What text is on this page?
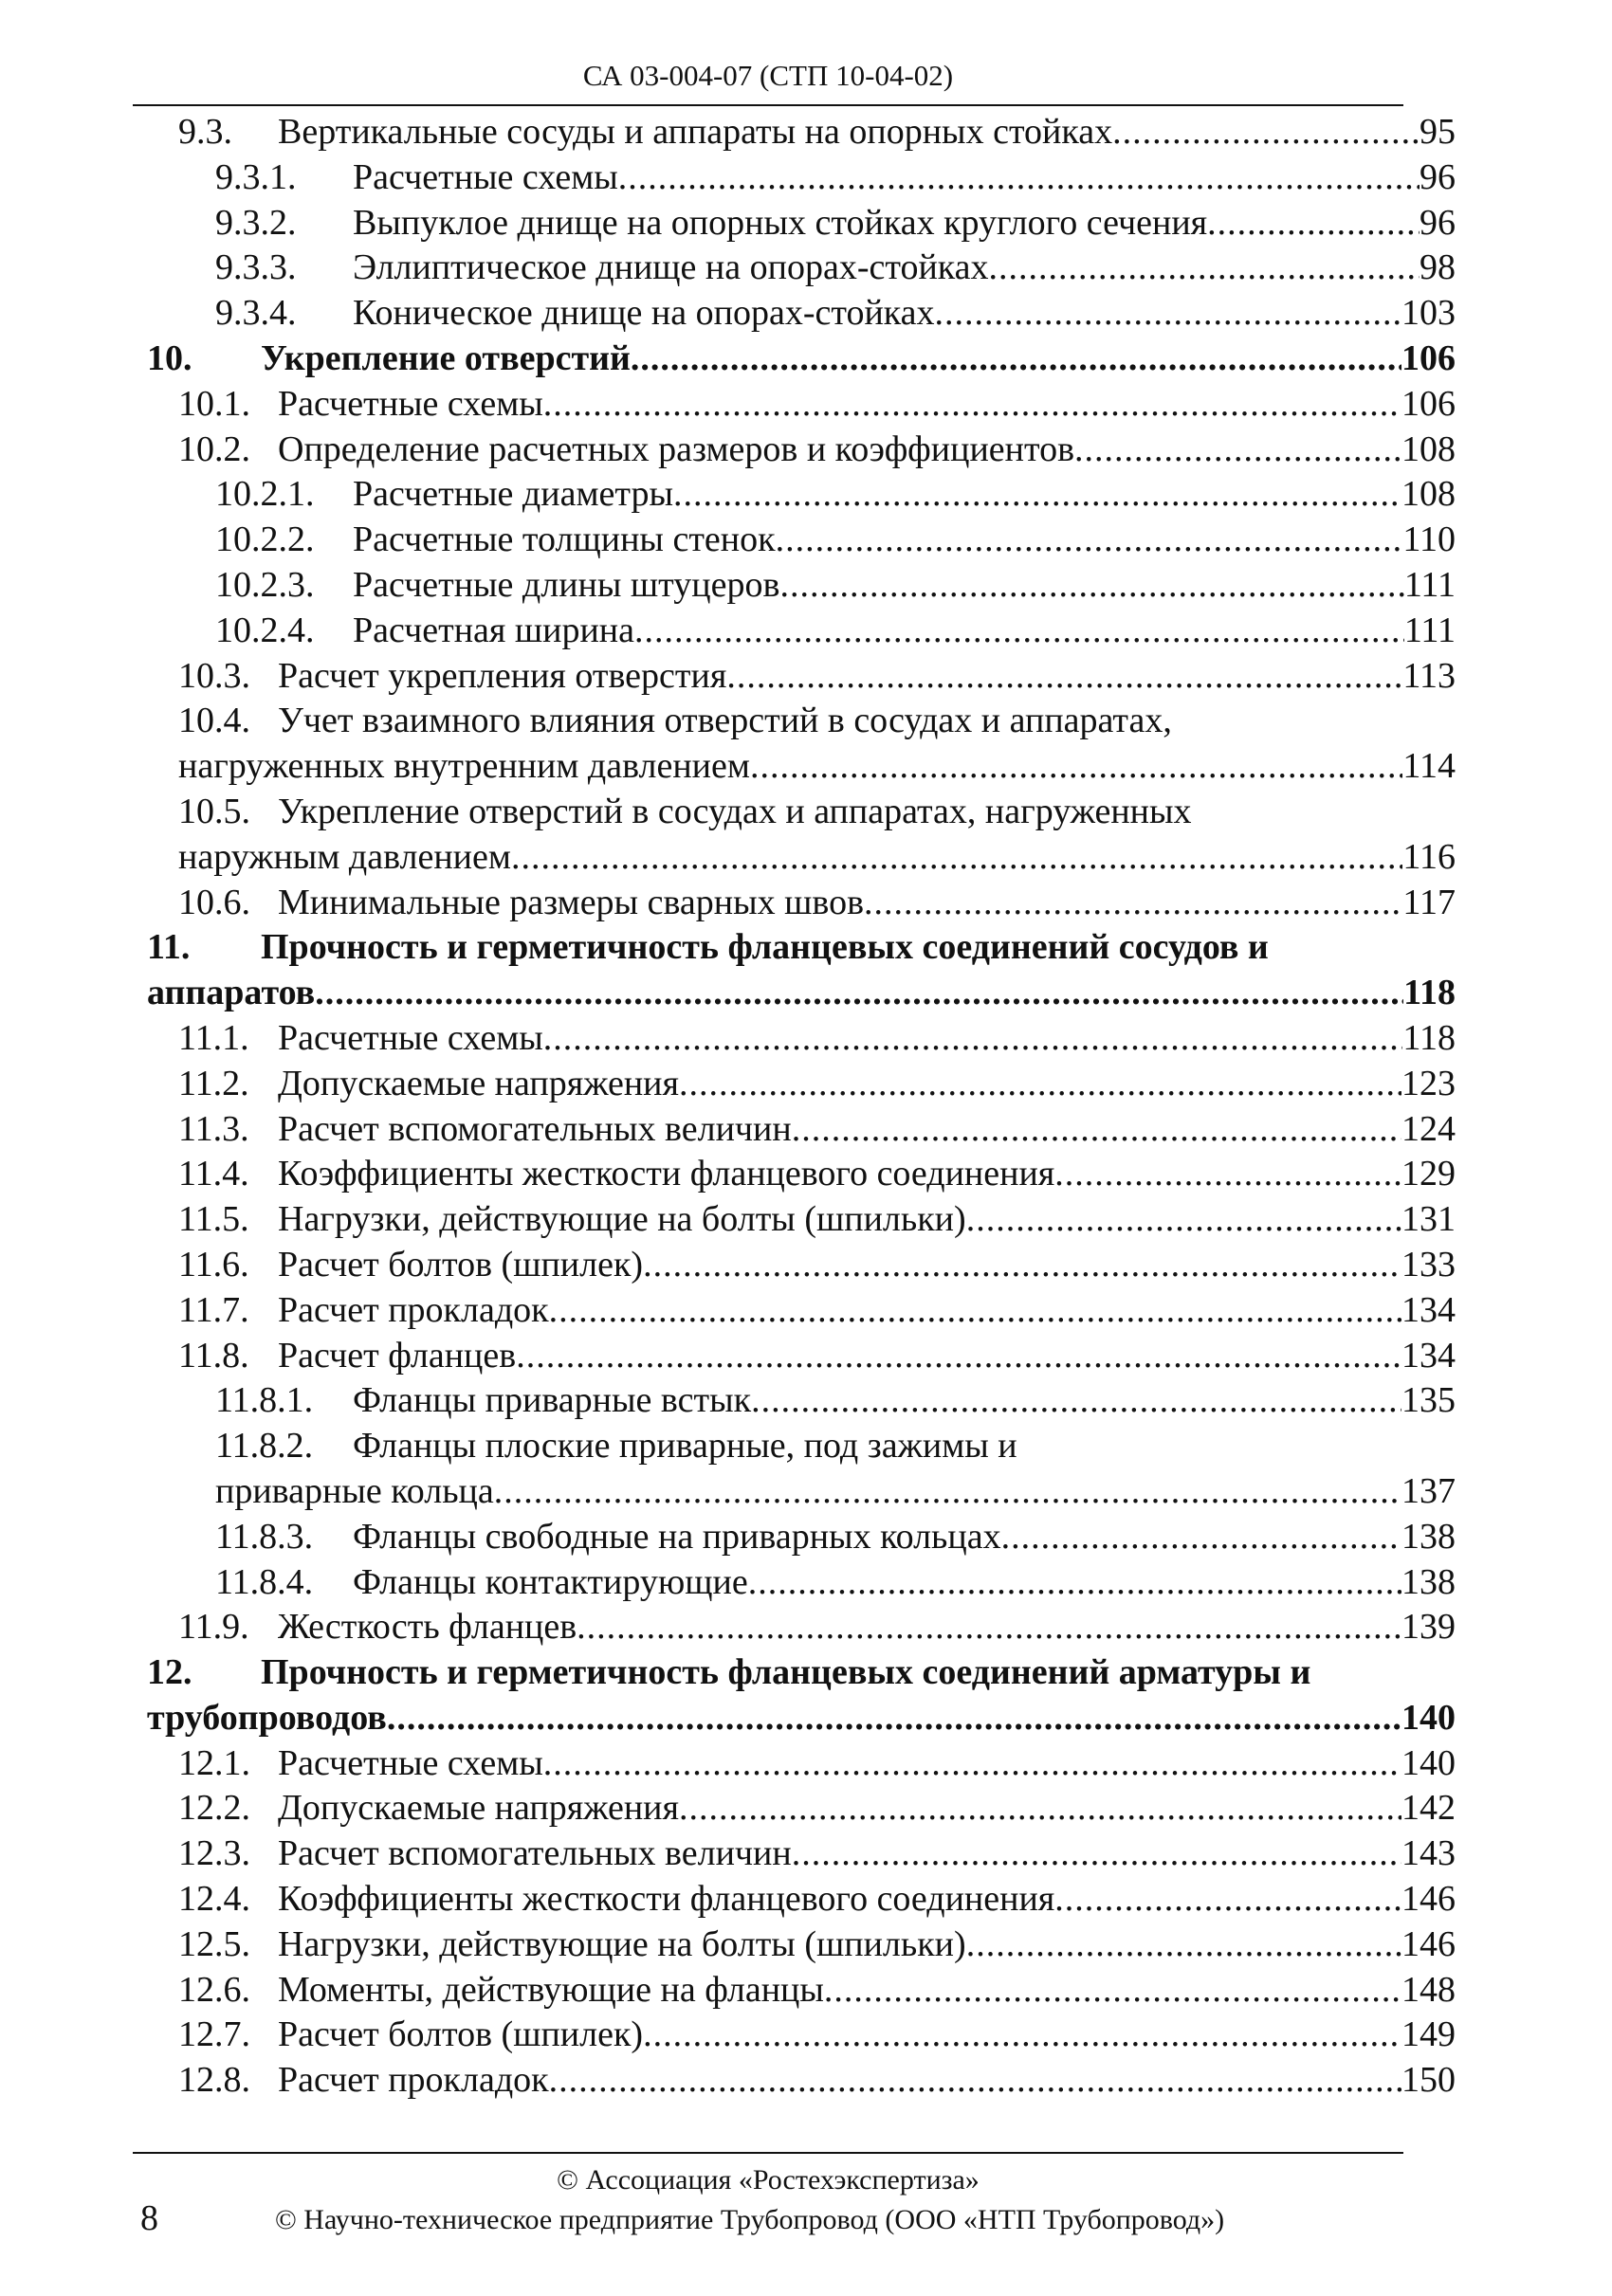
СА 03-004-07 (СТП 10-04-02)
9.3.	Вертикальные сосуды и аппараты на опорных стойках .....	95
9.3.1.	Расчетные схемы .....	96
9.3.2.	Выпуклое днище на опорных стойках круглого сечения .....	96
9.3.3.	Эллиптическое днище на опорах-стойках .....	98
9.3.4.	Коническое днище на опорах-стойках .....	103
10.	Укрепление отверстий .....	106
10.1. Расчетные схемы .....	106
10.2. Определение расчетных размеров и коэффициентов .....	108
10.2.1.	Расчетные диаметры .....	108
10.2.2.	Расчетные толщины стенок .....	110
10.2.3.	Расчетные длины штуцеров .....	111
10.2.4.	Расчетная ширина .....	111
10.3. Расчет укрепления отверстия .....	113
10.4. Учет взаимного влияния отверстий в сосудах и аппаратах,
нагруженных внутренним давлением .....	114
10.5. Укрепление отверстий в сосудах и аппаратах, нагруженных
наружным давлением .....	116
10.6. Минимальные размеры сварных швов .....	117
11.	Прочность и герметичность фланцевых соединений сосудов и
аппаратов .....	118
11.1. Расчетные схемы .....	118
11.2. Допускаемые напряжения .....	123
11.3. Расчет вспомогательных величин .....	124
11.4. Коэффициенты жесткости фланцевого соединения .....	129
11.5. Нагрузки, действующие на болты (шпильки) .....	131
11.6. Расчет болтов (шпилек) .....	133
11.7. Расчет прокладок .....	134
11.8. Расчет фланцев .....	134
11.8.1.	Фланцы приварные встык .....	135
11.8.2.	Фланцы плоские приварные, под зажимы и
приварные кольца .....	137
11.8.3.	Фланцы свободные на приварных кольцах .....	138
11.8.4.	Фланцы контактирующие .....	138
11.9. Жесткость фланцев .....	139
12.	Прочность и герметичность фланцевых соединений арматуры и
трубопроводов .....	140
12.1. Расчетные схемы .....	140
12.2. Допускаемые напряжения .....	142
12.3. Расчет вспомогательных величин .....	143
12.4. Коэффициенты жесткости фланцевого соединения .....	146
12.5. Нагрузки, действующие на болты (шпильки) .....	146
12.6. Моменты, действующие на фланцы .....	148
12.7. Расчет болтов (шпилек) .....	149
12.8. Расчет прокладок .....	150
© Ассоциация «Ростехэкспертиза»
8	© Научно-техническое предприятие Трубопровод (ООО «НТП Трубопровод»)
